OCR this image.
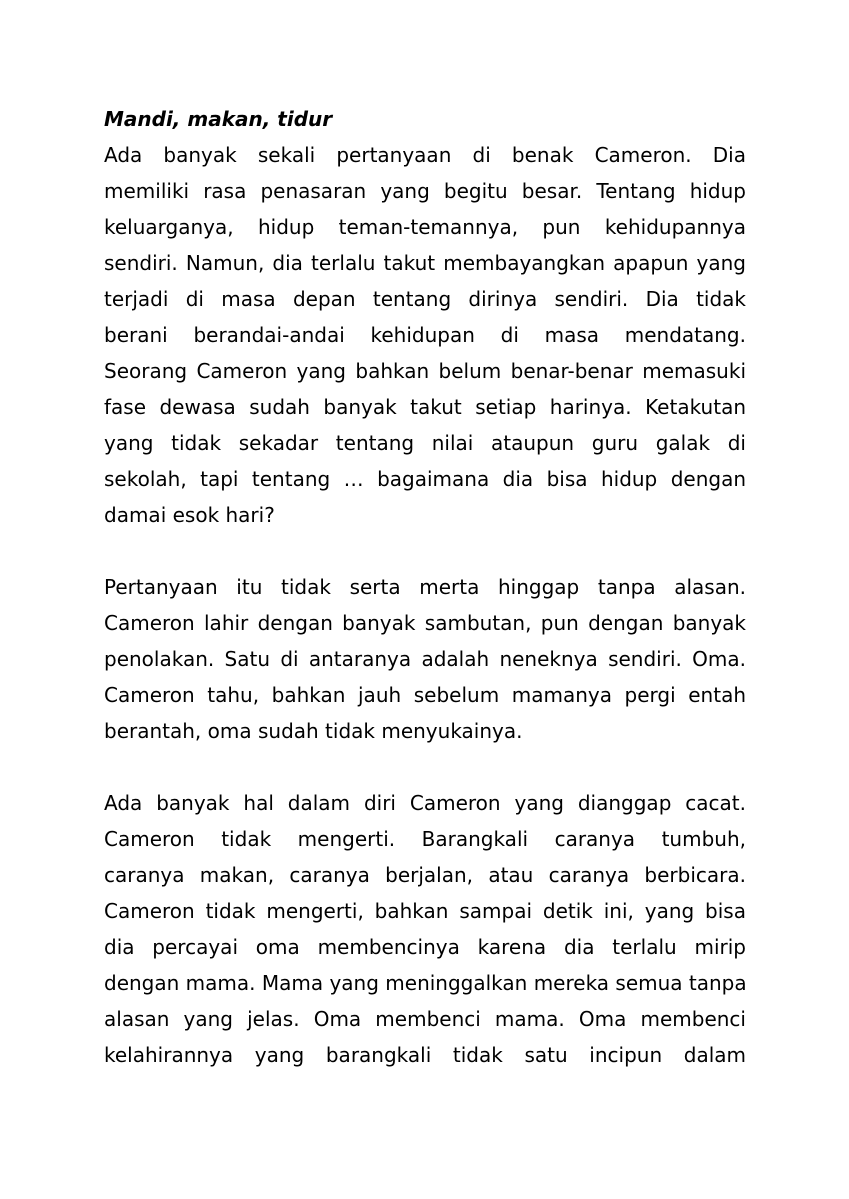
Mandi, makan, tidur
Ada banyak sekali pertanyaan di benak Cameron. Dia
memiliki rasa penasaran yang begitu besar. Tentang hidup
keluarganya, hidup teman-temannya, pun kehidupannya
sendiri. Namun, dia terlalu takut membayangkan apapun yang
terjadi di masa depan tentang dirinya sendiri. Dia tidak
berani berandai-andai kehidupan di masa mendatang.
Seorang Cameron yang bahkan belum benar-benar memasuki
fase dewasa sudah banyak takut setiap harinya. Ketakutan
yang tidak sekadar tentang nilai ataupun guru galak di
sekolah, tapi tentang … bagaimana dia bisa hidup dengan
damai esok hari?
Pertanyaan itu tidak serta merta hinggap tanpa alasan.
Cameron lahir dengan banyak sambutan, pun dengan banyak
penolakan. Satu di antaranya adalah neneknya sendiri. Oma.
Cameron tahu, bahkan jauh sebelum mamanya pergi entah
berantah, oma sudah tidak menyukainya.
Ada banyak hal dalam diri Cameron yang dianggap cacat.
Cameron tidak mengerti. Barangkali caranya tumbuh,
caranya makan, caranya berjalan, atau caranya berbicara.
Cameron tidak mengerti, bahkan sampai detik ini, yang bisa
dia percayai oma membencinya karena dia terlalu mirip
dengan mama. Mama yang meninggalkan mereka semua tanpa
alasan yang jelas. Oma membenci mama. Oma membenci
kelahirannya yang barangkali tidak satu incipun dalam
